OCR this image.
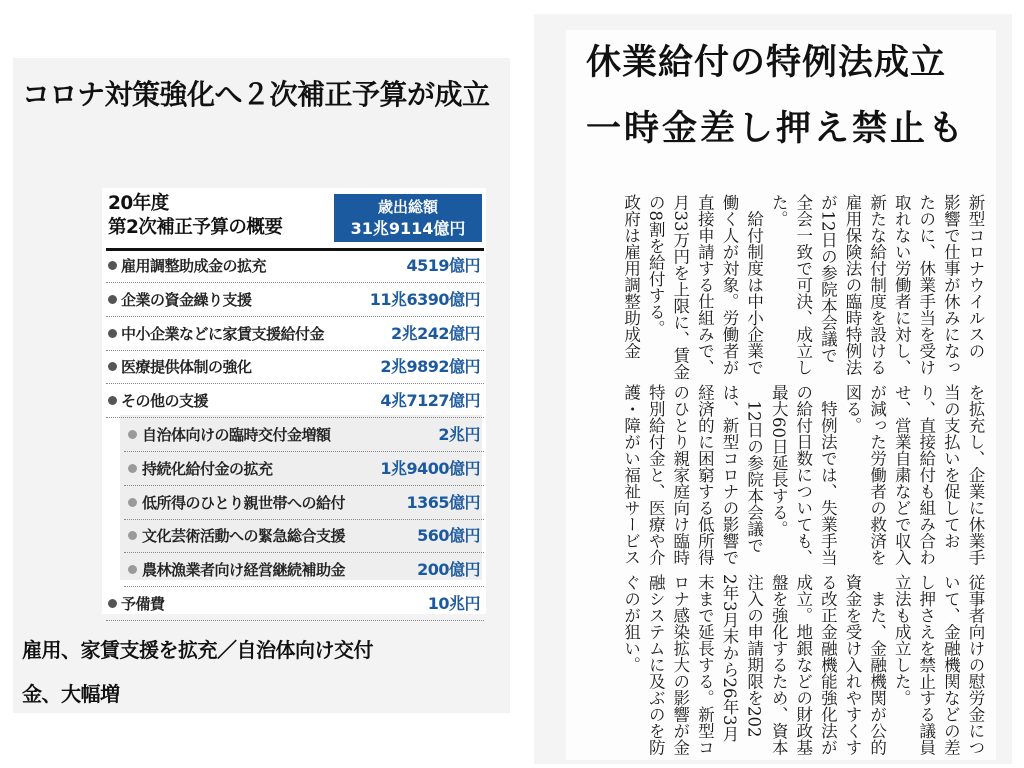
コロナ対策強化へ２次補正予算が成立
20年度
第2次補正予算の概要
歳出総額
31兆9114億円
雇用調整助成金の拡充	4519億円
企業の資金繰り支援	11兆6390億円
中小企業などに家賃支援給付金	2兆242億円
医療提供体制の強化	2兆9892億円
その他の支援	4兆7127億円
自治体向けの臨時交付金増額	2兆円
持続化給付金の拡充	1兆9400億円
低所得のひとり親世帯への給付	1365億円
文化芸術活動への緊急総合支援	560億円
農林漁業者向け経営継続補助金	200億円
予備費	10兆円
雇用、家賃支援を拡充／自治体向け交付
金、大幅増
休業給付の特例法成立
一時金差し押え禁止も
新型コロナウイルスの
影響で仕事が休みになっ
たのに、休業手当を受け
取れない労働者に対し、
新たな給付制度を設ける
雇用保険法の臨時特例法
が12日の参院本会議で
全会一致で可決、成立し
た。
　給付制度は中小企業で
働く人が対象。労働者が
直接申請する仕組みで、
月33万円を上限に、賃金
の8割を給付する。
政府は雇用調整助成金
を拡充し、企業に休業手
当の支払いを促してお
り、直接給付も組み合わ
せ、営業自粛などで収入
が減った労働者の救済を
図る。
　特例法では、失業手当
の給付日数についても、
最大60日延長する。
　12日の参院本会議で
は、新型コロナの影響で
経済的に困窮する低所得
のひとり親家庭向け臨時
特別給付金と、医療や介
護・障がい福祉サービス
従事者向けの慰労金につ
いて、金融機関などの差
し押さえを禁止する議員
立法も成立した。
　また、金融機関が公的
資金を受け入れやすくす
る改正金融機能強化法が
成立。地銀などの財政基
盤を強化するため、資本
注入の申請期限を202
2年3月末から26年3月
末まで延長する。新型コ
ロナ感染拡大の影響が金
融システムに及ぶのを防
ぐのが狙い。
